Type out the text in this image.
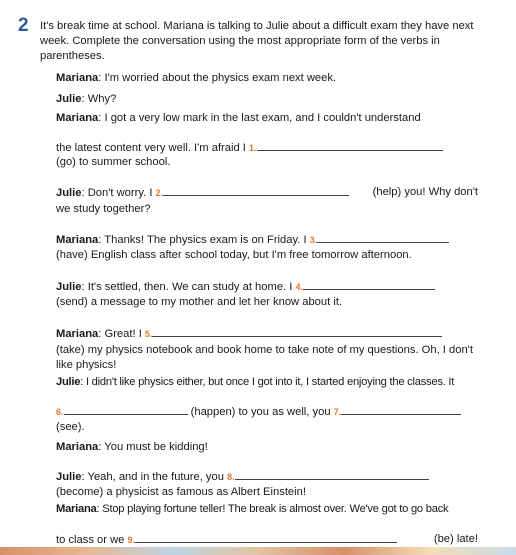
2 It's break time at school. Mariana is talking to Julie about a difficult exam they have next week. Complete the conversation using the most appropriate form of the verbs in parentheses.
Mariana: I'm worried about the physics exam next week.
Julie: Why?
Mariana: I got a very low mark in the last exam, and I couldn't understand
the latest content very well. I'm afraid I 1.
(go) to summer school.
Julie: Don't worry. I 2.	(help) you! Why don't
we study together?
Mariana: Thanks! The physics exam is on Friday. I 3.
(have) English class after school today, but I'm free tomorrow afternoon.
Julie: It's settled, then. We can study at home. I 4.
(send) a message to my mother and let her know about it.
Mariana: Great! I 5.
(take) my physics notebook and book home to take note of my questions. Oh, I don't like physics!
Julie: I didn't like physics either, but once I got into it, I started enjoying the classes. It
6.	(happen) to you as well, you 7.
(see).
Mariana: You must be kidding!
Julie: Yeah, and in the future, you 8.
(become) a physicist as famous as Albert Einstein!
Mariana: Stop playing fortune teller! The break is almost over. We've got to go back
to class or we 9.	(be) late!
